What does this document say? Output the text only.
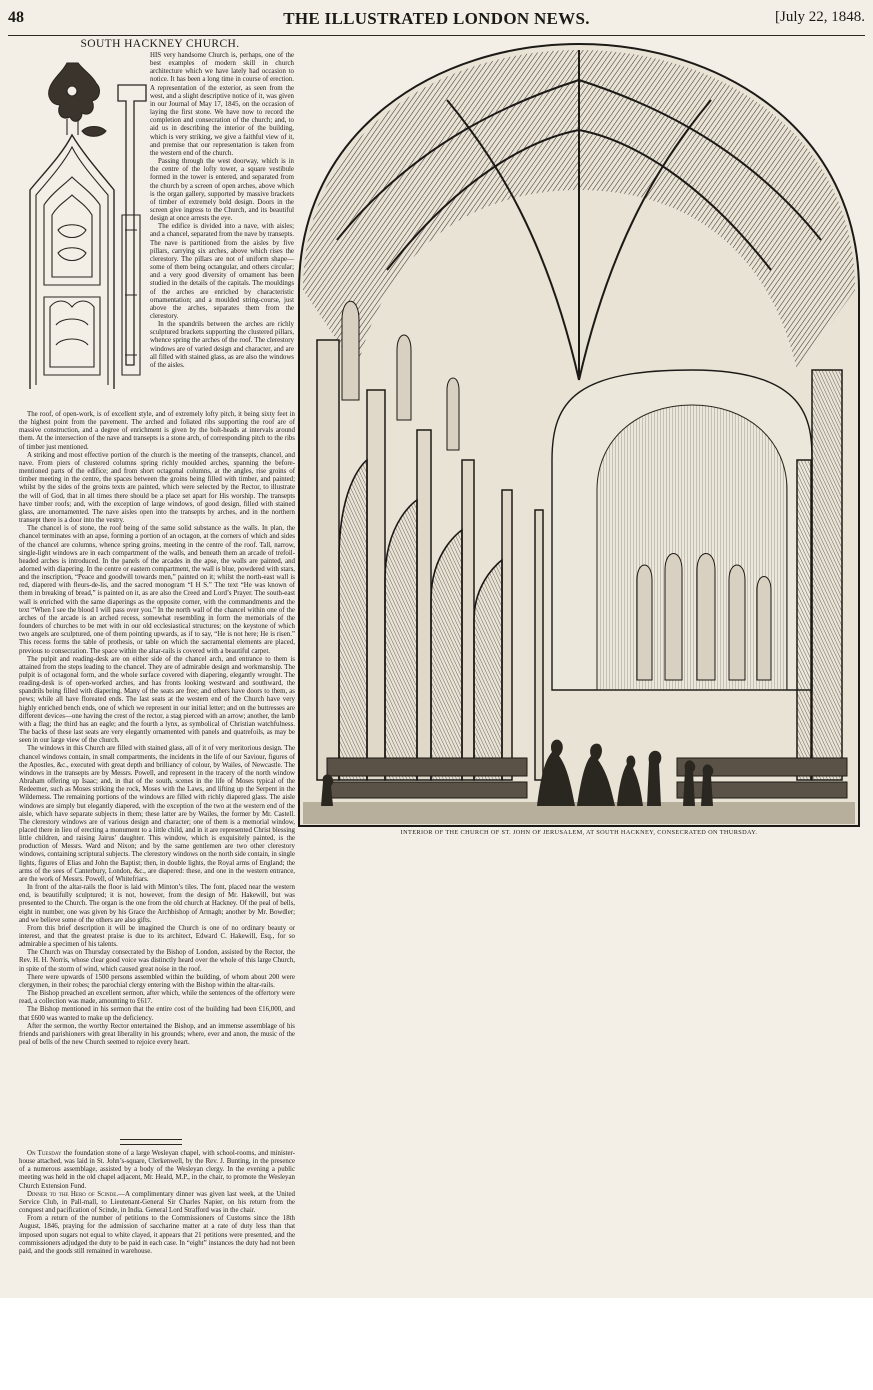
48	THE ILLUSTRATED LONDON NEWS.	[July 22, 1848.
SOUTH HACKNEY CHURCH.

HIS very handsome Church is, perhaps, one of the best examples of modern skill in church architecture which we have lately had occasion to notice. It has been a long time in course of erection. A representation of the exterior, as seen from the west, and a slight descriptive notice of it, was given in our Journal of May 17, 1845, on the occasion of laying the first stone. We have now to record the completion and consecration of the church; and, to aid us in describing the interior of the building, which is very striking, we give a faithful view of it, and premise that our representation is taken from the western end of the church.

Passing through the west doorway, which is in the centre of the lofty tower, a square vestibule formed in the tower is entered, and separated from the church by a screen of open arches, above which is the organ gallery, supported by massive brackets of timber of extremely bold design. Doors in the screen give ingress to the Church, and its beautiful design at once arrests the eye.

The edifice is divided into a nave, with aisles; and a chancel, separated from the nave by transepts. The nave is partitioned from the aisles by five pillars, carrying six arches, above which rises the clerestory. The pillars are not of uniform shape—some of them being octangular, and others circular; and a very good diversity of ornament has been studied in the details of the capitals. The mouldings of the arches are enriched by characteristic ornamentation; and a moulded string-course, just above the arches, separates them from the clerestory.

In the spandrils between the arches are richly sculptured brackets supporting the clustered pillars, whence spring the arches of the roof. The clerestory windows are of varied design and character, and are all filled with stained glass, as are also the windows of the aisles.

The roof, of open-work, is of excellent style, and of extremely lofty pitch, it being sixty feet in the highest point from the pavement. The arched and foliated ribs supporting the roof are of massive construction, and a degree of enrichment is given by the bolt-heads at intervals around them. At the intersection of the nave and transepts is a stone arch, of corresponding pitch to the ribs of timber just mentioned.

A striking and most effective portion of the church is the meeting of the transepts, chancel, and nave. From piers of clustered columns spring richly moulded arches, spanning the before-mentioned parts of the edifice; and from short octagonal columns, at the angles, rise groins of timber meeting in the centre, the spaces between the groins being filled with timber, and painted; whilst by the sides of the groins texts are painted, which were selected by the Rector, to illustrate the will of God, that in all times there should be a place set apart for His worship. The transepts have timber roofs; and, with the exception of large windows, of good design, filled with stained glass, are unornamented. The nave aisles open into the transepts by arches, and in the northern transept there is a door into the vestry.

The chancel is of stone, the roof being of the same solid substance as the walls. In plan, the chancel terminates with an apse, forming a portion of an octagon, at the corners of which and sides of the chancel are columns, whence spring groins, meeting in the centre of the roof. Tall, narrow, single-light windows are in each compartment of the walls, and beneath them an arcade of trefoil-headed arches is introduced. In the panels of the arcades in the apse, the walls are painted, and adorned with diapering. In the centre or eastern compartment, the wall is blue, powdered with stars, and the inscription, “Peace and goodwill towards men,” painted on it; whilst the north-east wall is red, diapered with fleurs-de-lis, and the sacred monogram “I H S.” The text “He was known of them in breaking of bread,” is painted on it, as are also the Creed and Lord’s Prayer. The south-east wall is enriched with the same diaperings as the opposite corner, with the commandments and the text “When I see the blood I will pass over you.” In the north wall of the chancel within one of the arches of the arcade is an arched recess, somewhat resembling in form the memorials of the founders of churches to be met with in our old ecclesiastical structures; on the keystone of which two angels are sculptured, one of them pointing upwards, as if to say, “He is not here; He is risen.” This recess forms the table of prothesis, or table on which the sacramental elements are placed, previous to consecration. The space within the altar-rails is covered with a beautiful carpet.

The pulpit and reading-desk are on either side of the chancel arch, and entrance to them is attained from the steps leading to the chancel. They are of admirable design and workmanship. The pulpit is of octagonal form, and the whole surface covered with diapering, elegantly wrought. The reading-desk is of open-worked arches, and has fronts looking westward and southward, the spandrils being filled with diapering. Many of the seats are free; and others have doors to them, as pews; while all have floreated ends. The last seats at the western end of the Church have very highly enriched bench ends, one of which we represent in our initial letter; and on the buttresses are different devices—one having the crest of the rector, a stag pierced with an arrow; another, the lamb with a flag; the third has an eagle; and the fourth a lynx, as symbolical of Christian watchfulness. The backs of these last seats are very elegantly ornamented with panels and quatrefoils, as may be seen in our large view of the church.

The windows in this Church are filled with stained glass, all of it of very meritorious design. The chancel windows contain, in small compartments, the incidents in the life of our Saviour, figures of the Apostles, &c., executed with great depth and brilliancy of colour, by Wailes, of Newcastle. The windows in the transepts are by Messrs. Powell, and represent in the tracery of the north window Abraham offering up Isaac; and, in that of the south, scenes in the life of Moses typical of the Redeemer, such as Moses striking the rock, Moses with the Laws, and lifting up the Serpent in the Wilderness. The remaining portions of the windows are filled with richly diapered glass. The aisle windows are simply but elegantly diapered, with the exception of the two at the western end of the aisle, which have separate subjects in them; these latter are by Wailes, the former by Mr. Castell. The clerestory windows are of various design and character; one of them is a memorial window, placed there in lieu of erecting a monument to a little child, and in it are represented Christ blessing little children, and raising Jairus’ daughter. This window, which is exquisitely painted, is the production of Messrs. Ward and Nixon; and by the same gentlemen are two other clerestory windows, containing scriptural subjects. The clerestory windows on the north side contain, in single lights, figures of Elias and John the Baptist; then, in double lights, the Royal arms of England; the arms of the sees of Canterbury, London, &c., are diapered: these, and one in the western entrance, are the work of Messrs. Powell, of Whitefriars.

In front of the altar-rails the floor is laid with Minton’s tiles. The font, placed near the western end, is beautifully sculptured; it is not, however, from the design of Mr. Hakewill, but was presented to the Church. The organ is the one from the old church at Hackney. Of the peal of bells, eight in number, one was given by his Grace the Archbishop of Armagh; another by Mr. Bowdler; and we believe some of the others are also gifts.

From this brief description it will be imagined the Church is one of no ordinary beauty or interest, and that the greatest praise is due to its architect, Edward C. Hakewill, Esq., for so admirable a specimen of his talents.

The Church was on Thursday consecrated by the Bishop of London, assisted by the Rector, the Rev. H. H. Norris, whose clear good voice was distinctly heard over the whole of this large Church, in spite of the storm of wind, which caused great noise in the roof.

There were upwards of 1500 persons assembled within the building, of whom about 200 were clergymen, in their robes; the parochial clergy entering with the Bishop within the altar-rails.

The Bishop preached an excellent sermon, after which, while the sentences of the offertory were read, a collection was made, amounting to £617.

The Bishop mentioned in his sermon that the entire cost of the building had been £16,000, and that £600 was wanted to make up the deficiency.

After the sermon, the worthy Rector entertained the Bishop, and an immense assemblage of his friends and parishioners with great liberality in his grounds; where, ever and anon, the music of the peal of bells of the new Church seemed to rejoice every heart.

On Tuesday the foundation stone of a large Wesleyan chapel, with school-rooms, and minister-house attached, was laid in St. John’s-square, Clerkenwell, by the Rev. J. Bunting, in the presence of a numerous assemblage, assisted by a body of the Wesleyan clergy. In the evening a public meeting was held in the old chapel adjacent, Mr. Heald, M.P., in the chair, to promote the Wesleyan Church Extension Fund.

Dinner to the Hero of Scinde.—A complimentary dinner was given last week, at the United Service Club, in Pall-mall, to Lieutenant-General Sir Charles Napier, on his return from the conquest and pacification of Scinde, in India. General Lord Strafford was in the chair.

From a return of the number of petitions to the Commissioners of Customs since the 18th August, 1846, praying for the admission of saccharine matter at a rate of duty less than that imposed upon sugars not equal to white clayed, it appears that 21 petitions were presented, and the commissioners adjudged the duty to be paid in each case. In “eight” instances the duty had not been paid, and the goods still remained in warehouse.

INTERIOR OF THE CHURCH OF ST. JOHN OF JERUSALEM, AT SOUTH HACKNEY, CONSECRATED ON THURSDAY.
